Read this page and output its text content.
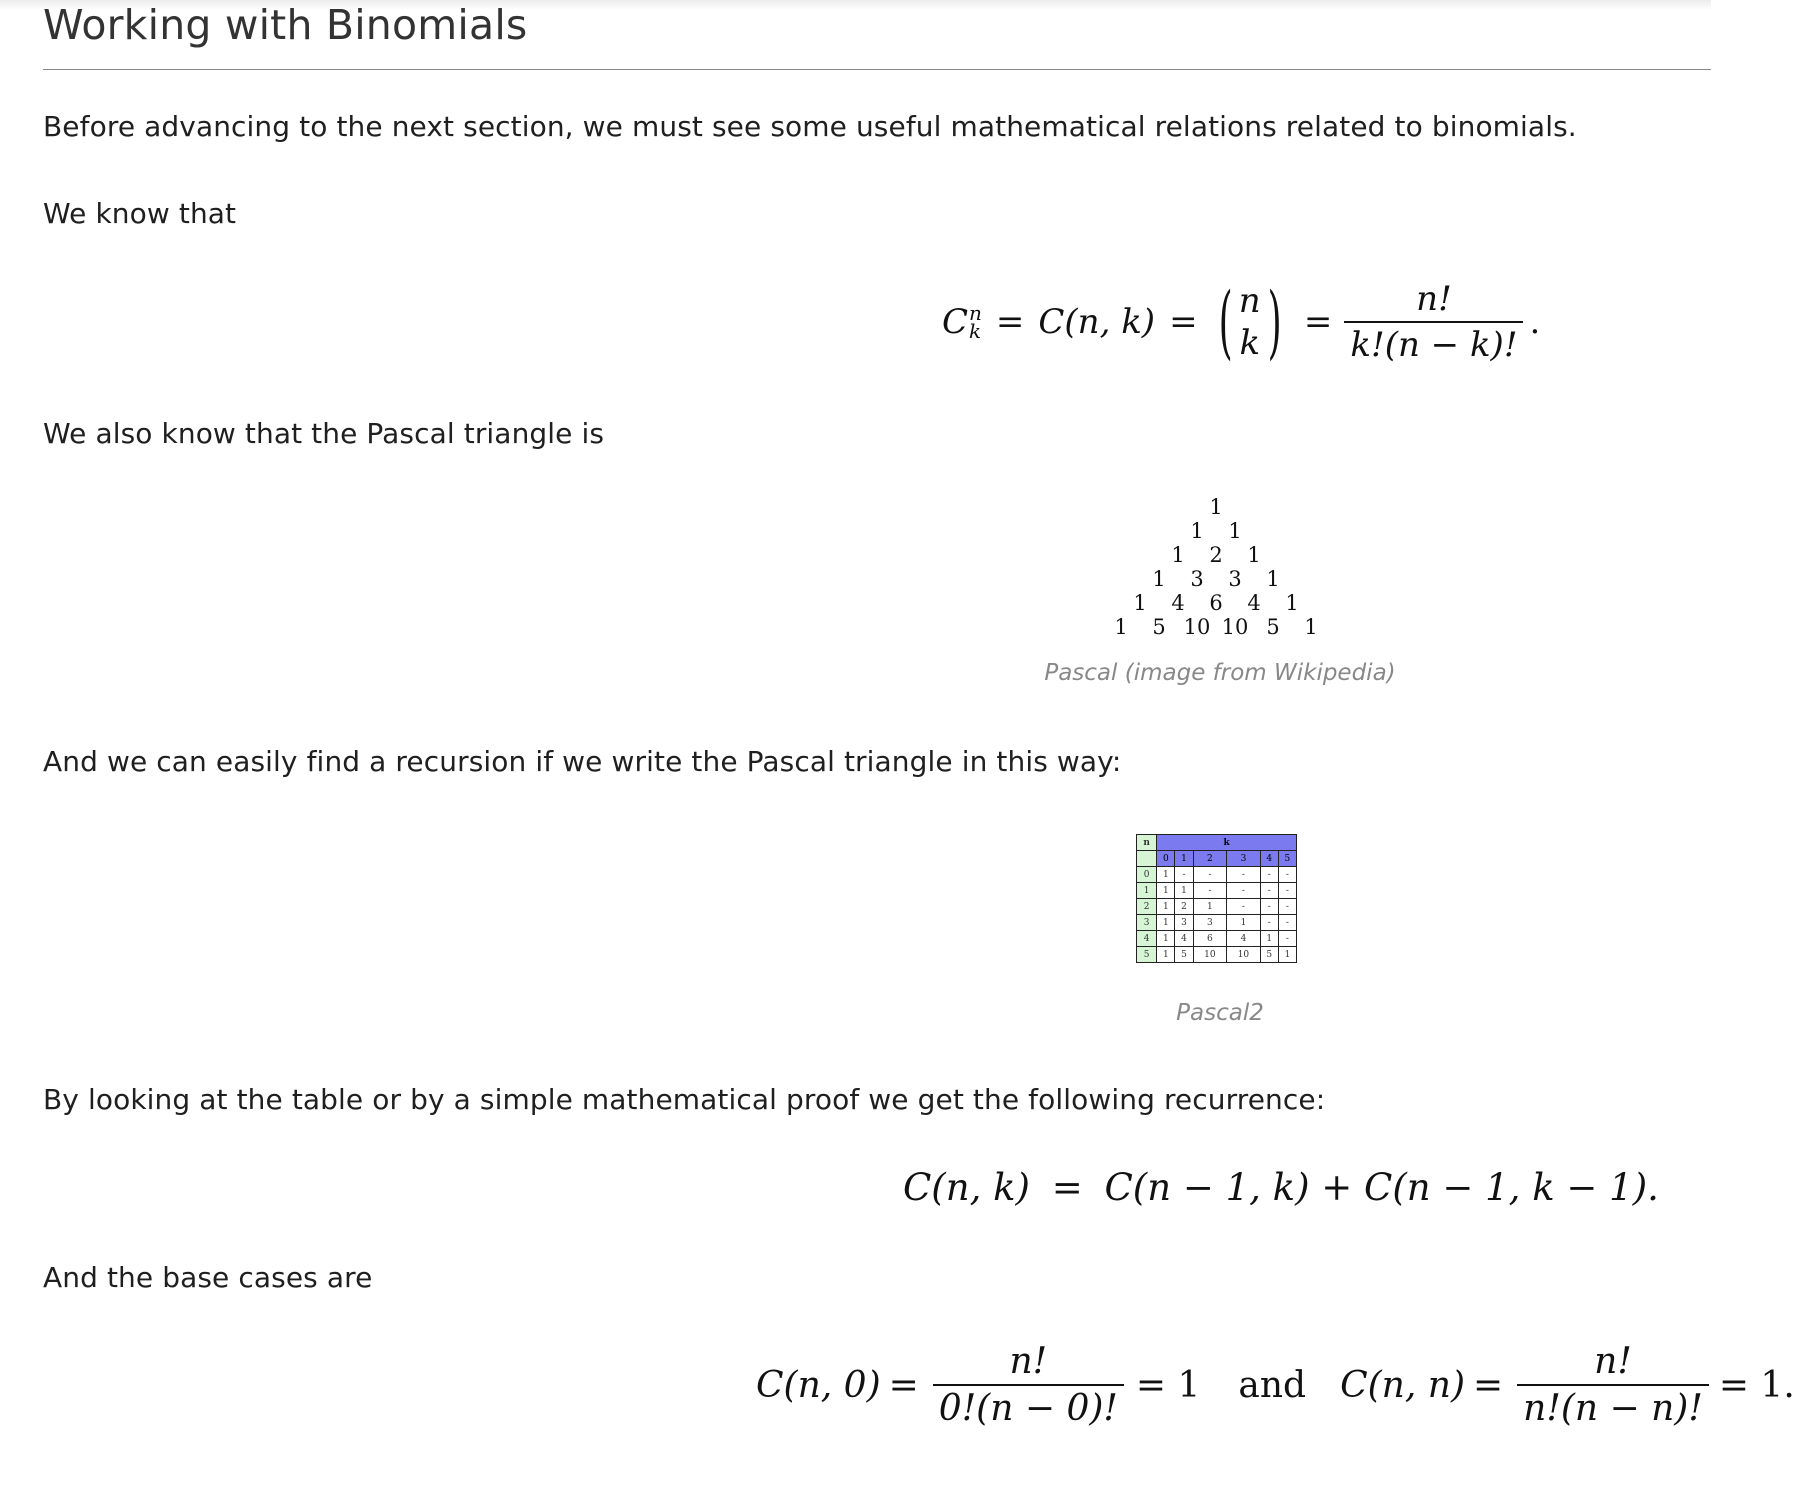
Working with Binomials

Before advancing to the next section, we must see some useful mathematical relations related to binomials.

We know that

C n
k = C(n, k) = ( n
k ) = $\frac{n!}{k!(n - k)!}$ .

We also know that the Pascal triangle is

1
1 1
1 2 1
1 3 3 1
1 4 6 4 1
1 5 10 10 5 1
Pascal (image from Wikipedia)

And we can easily find a recursion if we write the Pascal triangle in this way:

n	k					
	0	1	2	3	4	5
0	1	-	-	-	-	-
1	1	1	-	-	-	-
2	1	2	1	-	-	-
3	1	3	3	1	-	-
4	1	4	6	4	1	-
5	1	5	10	10	5	1
Pascal2

By looking at the table or by a simple mathematical proof we get the following recurrence:

C(n, k) = C(n − 1, k) + C(n − 1, k − 1).

And the base cases are

C(n, $0) = \frac{n!}{0!(n - 0)!} = 1$ and C(n, $n) = \frac{n!}{n!(n - n)!} = 1$.
